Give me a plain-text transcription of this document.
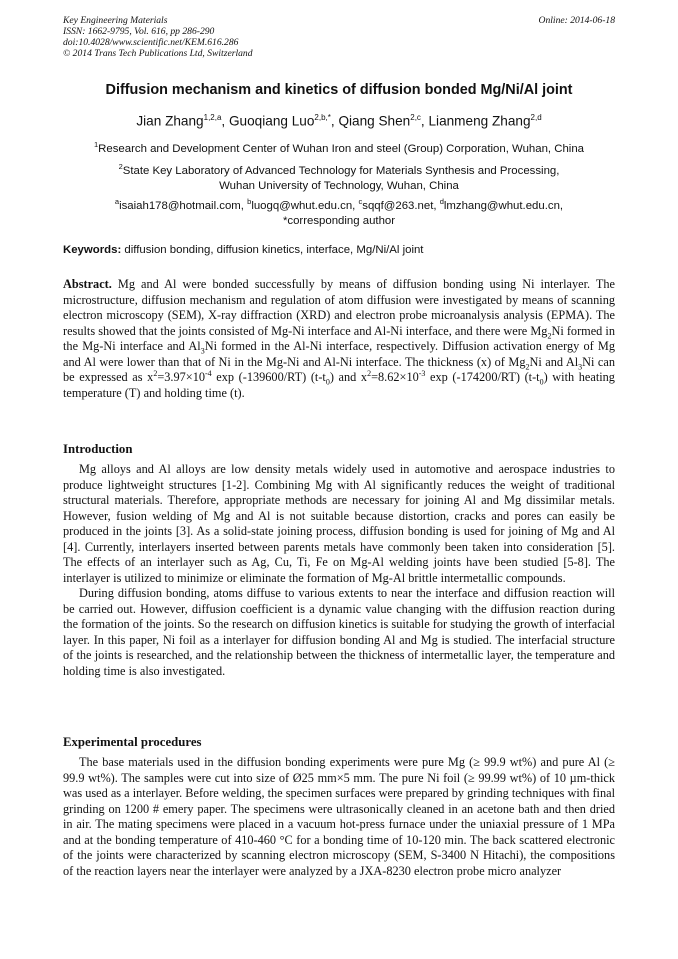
Key Engineering Materials
ISSN: 1662-9795, Vol. 616, pp 286-290
doi:10.4028/www.scientific.net/KEM.616.286
© 2014 Trans Tech Publications Ltd, Switzerland
Online: 2014-06-18
Diffusion mechanism and kinetics of diffusion bonded Mg/Ni/Al joint
Jian Zhang$^{1,2,a}$, Guoqiang Luo$^{2,b,*}$, Qiang Shen$^{2,c}$, Lianmeng Zhang$^{2,d}$
$^1$Research and Development Center of Wuhan Iron and steel (Group) Corporation, Wuhan, China
$^2$State Key Laboratory of Advanced Technology for Materials Synthesis and Processing,
Wuhan University of Technology, Wuhan, China
$^a$isaiah178@hotmail.com, $^b$luogq@whut.edu.cn, $^c$sqqf@263.net, $^d$lmzhang@whut.edu.cn,
*corresponding author
Keywords: diffusion bonding, diffusion kinetics, interface, Mg/Ni/Al joint
Abstract. Mg and Al were bonded successfully by means of diffusion bonding using Ni interlayer. The microstructure, diffusion mechanism and regulation of atom diffusion were investigated by means of scanning electron microscopy (SEM), X-ray diffraction (XRD) and electron probe microanalysis analysis (EPMA). The results showed that the joints consisted of Mg-Ni interface and Al-Ni interface, and there were $Mg_2Ni$ formed in the Mg-Ni interface and $Al_3Ni$ formed in the Al-Ni interface, respectively. Diffusion activation energy of Mg and Al were lower than that of Ni in the Mg-Ni and Al-Ni interface. The thickness (x) of $Mg_2Ni$ and $Al_3Ni$ can be expressed as $x^2=3.97\times 10^{-4}$ exp (-139600/RT) $(t-t_0)$ and $x^2=8.62\times 10^{-3}$ exp (-174200/RT) $(t-t_0)$ with heating temperature (T) and holding time (t).
Introduction

Mg alloys and Al alloys are low density metals widely used in automotive and aerospace industries to produce lightweight structures [1-2]. Combining Mg with Al significantly reduces the weight of traditional structural materials. Therefore, appropriate methods are necessary for joining Al and Mg dissimilar metals. However, fusion welding of Mg and Al is not suitable because distortion, cracks and pores can easily be produced in the joints [3]. As a solid-state joining process, diffusion bonding is used for joining of Mg and Al [4]. Currently, interlayers inserted between parents metals have commonly been taken into consideration [5]. The effects of an interlayer such as Ag, Cu, Ti, Fe on Mg-Al welding joints have been studied [5-8]. The interlayer is utilized to minimize or eliminate the formation of Mg-Al brittle intermetallic compounds.

During diffusion bonding, atoms diffuse to various extents to near the interface and diffusion reaction will be carried out. However, diffusion coefficient is a dynamic value changing with the diffusion reaction during the formation of the joints. So the research on diffusion kinetics is suitable for studying the growth of interfacial layer. In this paper, Ni foil as a interlayer for diffusion bonding Al and Mg is studied. The interfacial structure of the joints is researched, and the relationship between the thickness of intermetallic layer, the temperature and holding time is also investigated.

Experimental procedures

The base materials used in the diffusion bonding experiments were pure Mg (≥ 99.9 wt%) and pure Al (≥ 99.9 wt%). The samples were cut into size of Ø25 mm×5 mm. The pure Ni foil (≥ 99.99 wt%) of 10 µm-thick was used as a interlayer. Before welding, the specimen surfaces were prepared by grinding techniques with final grinding on 1200 # emery paper. The specimens were ultrasonically cleaned in an acetone bath and then dried in air. The mating specimens were placed in a vacuum hot-press furnace under the uniaxial pressure of 1 MPa and at the bonding temperature of 410-460 °C for a bonding time of 10-120 min. The back scattered electronic of the joints were characterized by scanning electron microscopy (SEM, S-3400 N Hitachi), the compositions of the reaction layers near the interlayer were analyzed by a JXA-8230 electron probe micro analyzer
